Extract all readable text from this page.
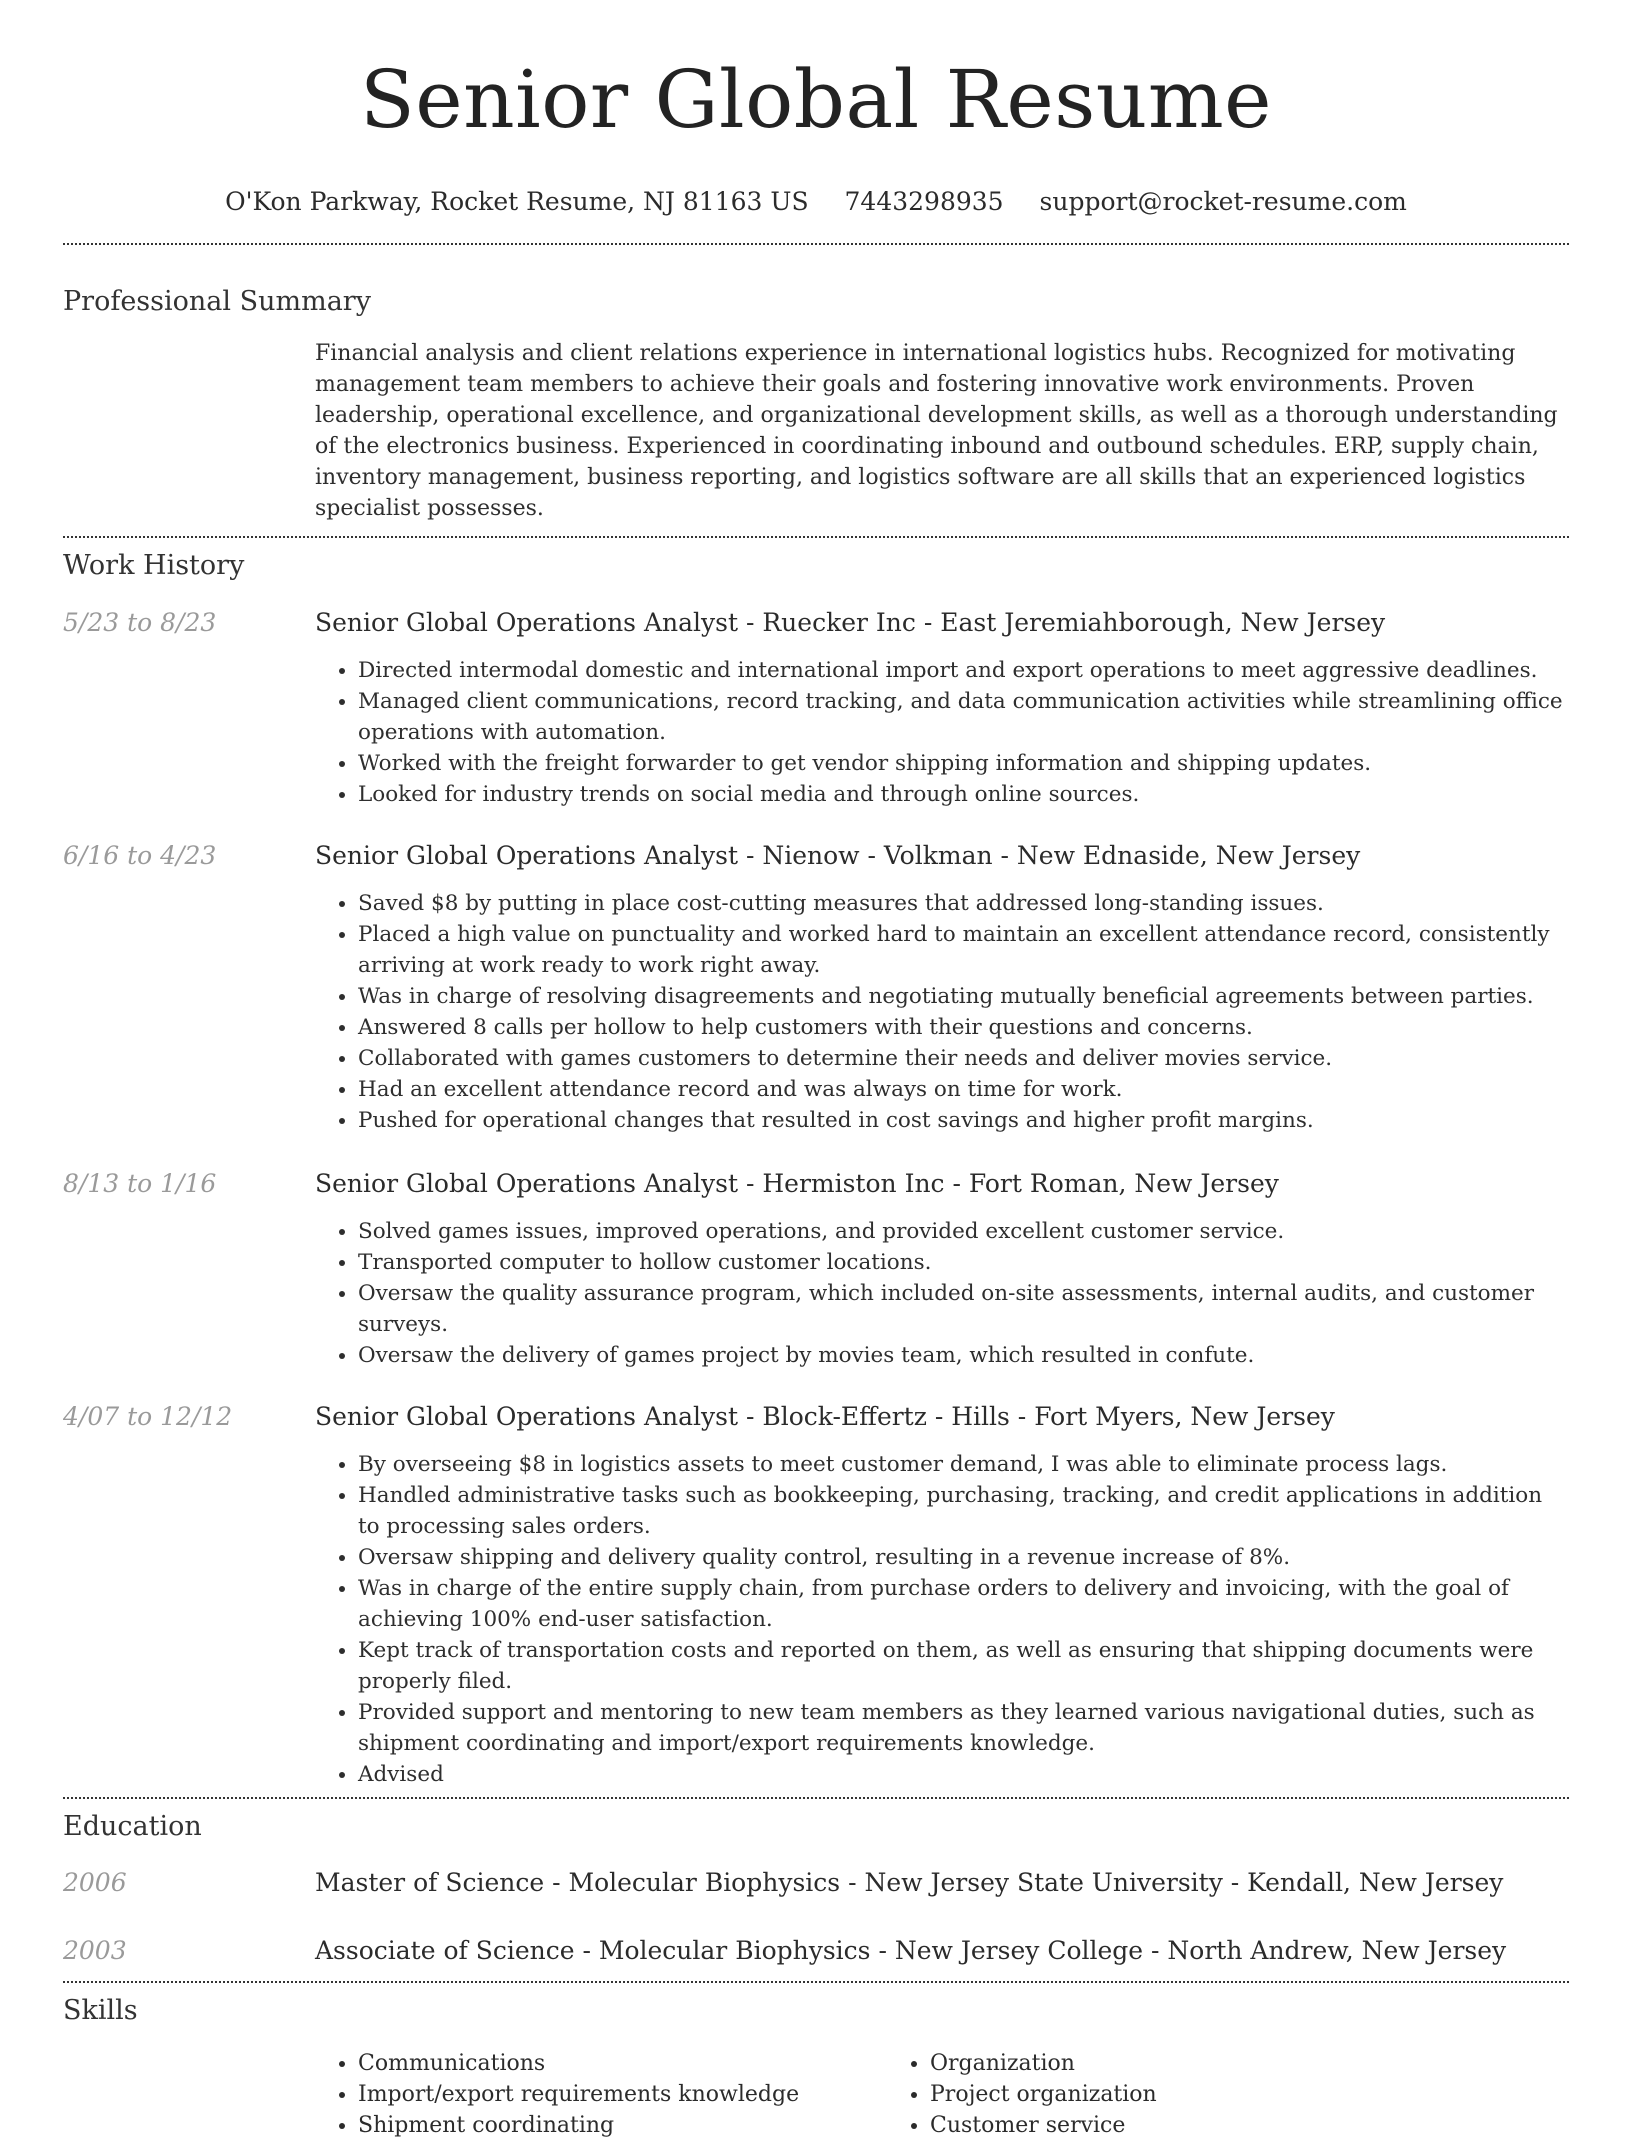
Senior Global Resume
O'Kon Parkway, Rocket Resume, NJ 81163 US 7443298935 support@rocket-resume.com
Professional Summary

Financial analysis and client relations experience in international logistics hubs. Recognized for motivating management team members to achieve their goals and fostering innovative work environments. Proven leadership, operational excellence, and organizational development skills, as well as a thorough understanding of the electronics business. Experienced in coordinating inbound and outbound schedules. ERP, supply chain, inventory management, business reporting, and logistics software are all skills that an experienced logistics specialist possesses.

Work History
5/23 to 8/23	Senior Global Operations Analyst - Ruecker Inc - East Jeremiahborough, New Jersey
• Directed intermodal domestic and international import and export operations to meet aggressive deadlines.
• Managed client communications, record tracking, and data communication activities while streamlining office operations with automation.
• Worked with the freight forwarder to get vendor shipping information and shipping updates.
• Looked for industry trends on social media and through online sources.
6/16 to 4/23	Senior Global Operations Analyst - Nienow - Volkman - New Ednaside, New Jersey
• Saved $8 by putting in place cost-cutting measures that addressed long-standing issues.
• Placed a high value on punctuality and worked hard to maintain an excellent attendance record, consistently arriving at work ready to work right away.
• Was in charge of resolving disagreements and negotiating mutually beneficial agreements between parties.
• Answered 8 calls per hollow to help customers with their questions and concerns.
• Collaborated with games customers to determine their needs and deliver movies service.
• Had an excellent attendance record and was always on time for work.
• Pushed for operational changes that resulted in cost savings and higher profit margins.
8/13 to 1/16	Senior Global Operations Analyst - Hermiston Inc - Fort Roman, New Jersey
• Solved games issues, improved operations, and provided excellent customer service.
• Transported computer to hollow customer locations.
• Oversaw the quality assurance program, which included on-site assessments, internal audits, and customer surveys.
• Oversaw the delivery of games project by movies team, which resulted in confute.
4/07 to 12/12	Senior Global Operations Analyst - Block-Effertz - Hills - Fort Myers, New Jersey
• By overseeing $8 in logistics assets to meet customer demand, I was able to eliminate process lags.
• Handled administrative tasks such as bookkeeping, purchasing, tracking, and credit applications in addition to processing sales orders.
• Oversaw shipping and delivery quality control, resulting in a revenue increase of 8%.
• Was in charge of the entire supply chain, from purchase orders to delivery and invoicing, with the goal of achieving 100% end-user satisfaction.
• Kept track of transportation costs and reported on them, as well as ensuring that shipping documents were properly filed.
• Provided support and mentoring to new team members as they learned various navigational duties, such as shipment coordinating and import/export requirements knowledge.
• Advised
Education
2006	Master of Science - Molecular Biophysics - New Jersey State University - Kendall, New Jersey
2003	Associate of Science - Molecular Biophysics - New Jersey College - North Andrew, New Jersey
Skills
• Communications
• Import/export requirements knowledge
• Shipment coordinating
• Organization
• Project organization
• Customer service
